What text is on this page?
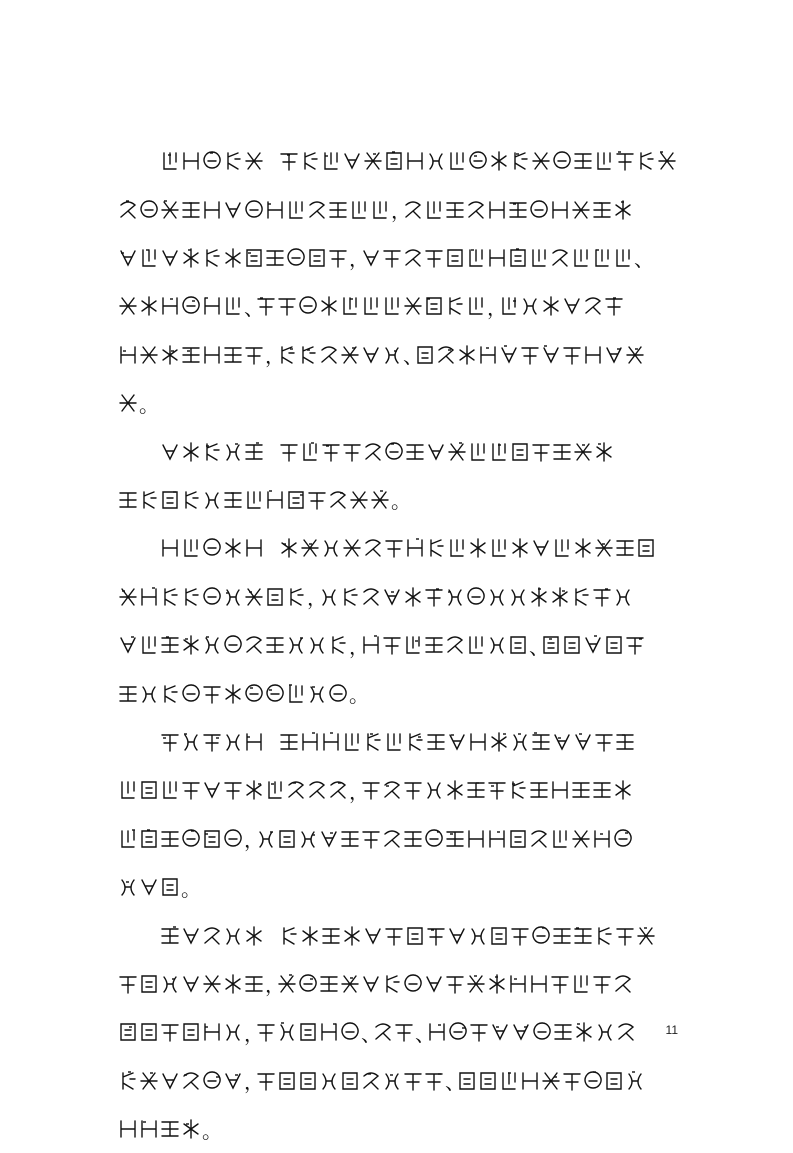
，
，	、
、	，
，	、
。
。
，
，	、
。
，
，
。
，
，	、 、
，	、
。
11
